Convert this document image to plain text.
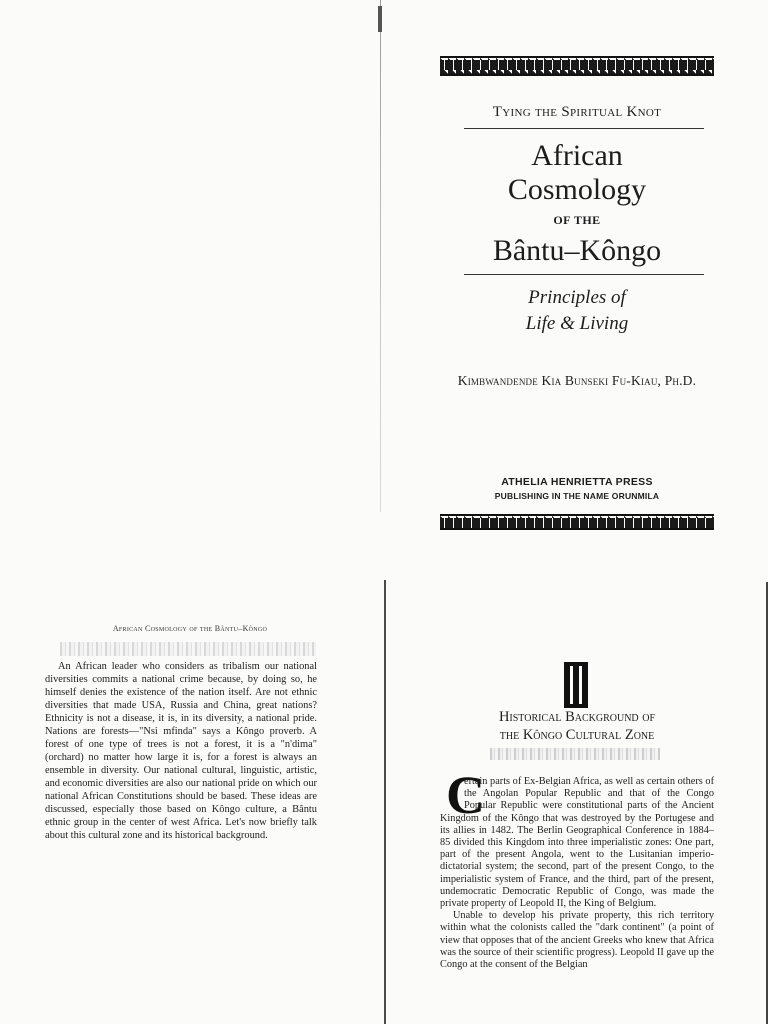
Tying the Spiritual Knot
African
Cosmology
OF THE
Bântu–Kôngo
Principles of
Life & Living
Kimbwandende Kia Bunseki Fu-Kiau, Ph.D.
ATHELIA HENRIETTA PRESS
PUBLISHING IN THE NAME ORUNMILA
African Cosmology of the Bântu–Kôngo
An African leader who considers as tribalism our national diversities commits a national crime because, by doing so, he himself denies the existence of the nation itself. Are not ethnic diversities that made USA, Russia and China, great nations? Ethnicity is not a disease, it is, in its diversity, a national pride. Nations are forests—"Nsi mfinda" says a Kôngo proverb. A forest of one type of trees is not a forest, it is a "n'dima" (orchard) no matter how large it is, for a forest is always an ensemble in diversity. Our national cultural, linguistic, artistic, and economic diversities are also our national pride on which our national African Constitutions should be based. These ideas are discussed, especially those based on Kôngo culture, a Bântu ethnic group in the center of west Africa. Let's now briefly talk about this cultural zone and its historical background.
Historical Background of
the Kôngo Cultural Zone
C

ertain parts of Ex-Belgian Africa, as well as certain others of the Angolan Popular Republic and that of the Congo Popular Republic were constitutional parts of the Ancient Kingdom of the Kôngo that was destroyed by the Portugese and its allies in 1482. The Berlin Geographical Conference in 1884–85 divided this Kingdom into three imperialistic zones: One part, part of the present Angola, went to the Lusitanian imperio-dictatorial system; the second, part of the present Congo, to the imperialistic system of France, and the third, part of the present, undemocratic Democratic Republic of Congo, was made the private property of Leopold II, the King of Belgium.

Unable to develop his private property, this rich territory within what the colonists called the "dark continent" (a point of view that opposes that of the ancient Greeks who knew that Africa was the source of their scientific progress). Leopold II gave up the Congo at the consent of the Belgian
